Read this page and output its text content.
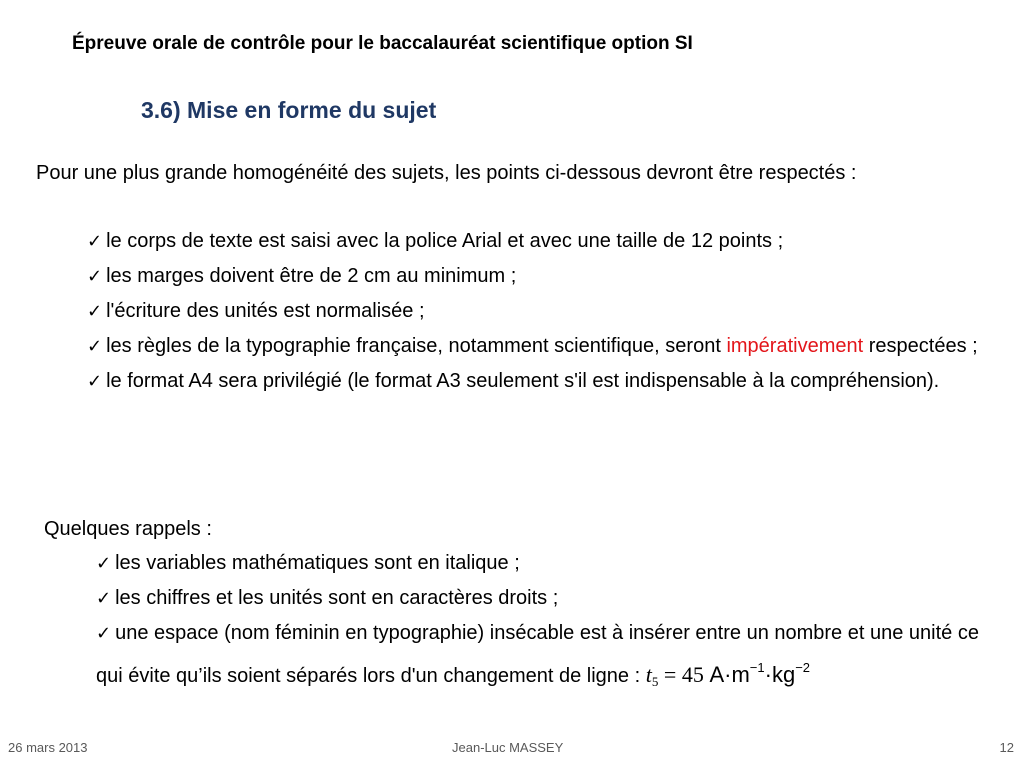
Épreuve orale de contrôle pour le baccalauréat scientifique option SI
3.6) Mise en forme du sujet

Pour une plus grande homogénéité des sujets, les points ci-dessous devront être respectés :

✓ le corps de texte est saisi avec la police Arial et avec une taille de 12 points ;
✓ les marges doivent être de 2 cm au minimum ;
✓ l'écriture des unités est normalisée ;
✓ les règles de la typographie française, notamment scientifique, seront impérativement respectées ;
✓ le format A4 sera privilégié (le format A3 seulement s'il est indispensable à la compréhension).

Quelques rappels :

✓ les variables mathématiques sont en italique ;
✓ les chiffres et les unités sont en caractères droits ;
✓ une espace (nom féminin en typographie) insécable est à insérer entre un nombre et une unité ce qui évite qu’ils soient séparés lors d'un changement de ligne : $t_5 = 45$ $A\cdot m^{-1}\cdot kg^{-2}$
26 mars 2013	Jean-Luc MASSEY	12
